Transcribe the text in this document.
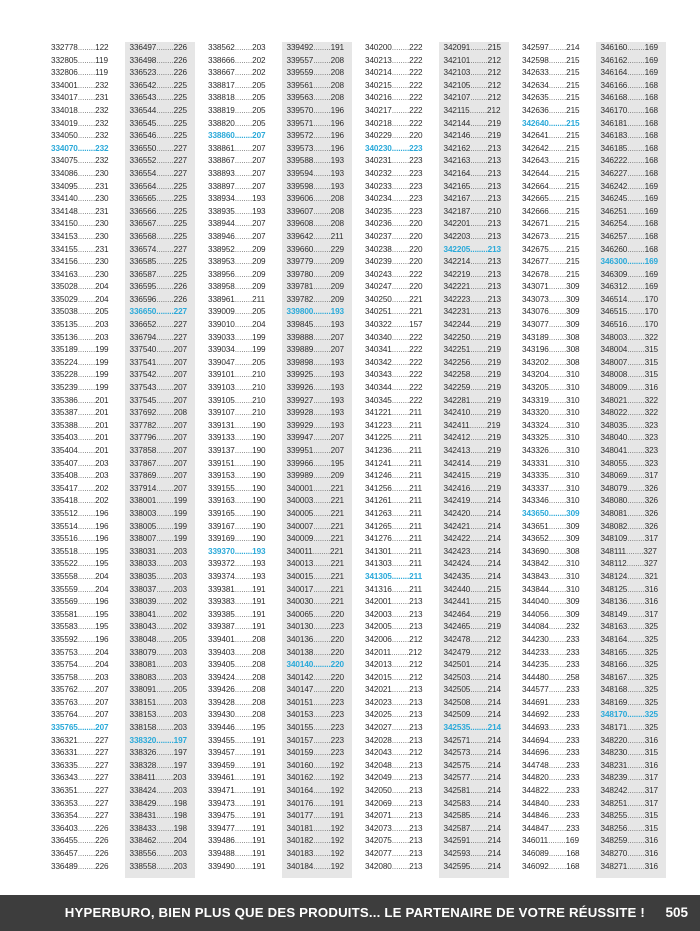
332778........122
332805........119
332806........119
334001........232
334017........231
334018........232
334019........232
334050........232
334070........232
334075........232
334086........230
334095........231
334140........230
334148........231
334150........230
334153........230
334155........231
334156........230
334163........230
335028........204
335029........204
335038........205
335135........203
335136........203
335189........199
335224........199
335228........199
335239........199
335386........201
335387........201
335388........201
335403........201
335404........201
335407........203
335408........203
335417........202
335418........202
335512........196
335514........196
335516........196
335518........195
335522........195
335558........204
335559........204
335569........196
335581........195
335583........195
335592........196
335753........204
335754........204
335758........203
335762........207
335763........207
335764........207
335765........207
336321........227
336331........227
336335........227
336343........227
336351........227
336353........227
336354........227
336403........226
336455........226
336457........226
336489........226
336497........226
336498........226
336523........226
336542........225
336543........225
336544........225
336545........225
336546........225
336550........227
336552........227
336554........227
336564........225
336565........225
336566........225
336567........225
336568........225
336574........227
336585........225
336587........225
336595........226
336596........226
336650........227
336652........227
336794........227
337540........207
337541........207
337542........207
337543........207
337545........207
337692........208
337782........207
337796........207
337858........207
337867........207
337869........207
337914........207
338001........199
338003........199
338005........199
338007........199
338031........203
338033........203
338035........203
338037........203
338039........202
338041........202
338043........202
338048........205
338079........203
338081........203
338083........203
338091........205
338151........203
338153........203
338158........203
338320........197
338326........197
338328........197
338411........203
338424........203
338429........198
338431........198
338433........198
338462........204
338556........203
338558........203
338562........203
338666........202
338667........202
338817........205
338818........205
338819........205
338820........205
338860........207
338861........207
338867........207
338893........207
338897........207
338934........193
338935........193
338944........207
338946........207
338952........209
338953........209
338956........209
338958........209
338961........211
339009........205
339010........204
339033........199
339034........199
339047........205
339101........210
339103........210
339105........210
339107........210
339131........190
339133........190
339137........190
339151........190
339153........190
339155........190
339163........190
339165........190
339167........190
339169........190
339370........193
339372........193
339374........193
339381........191
339383........191
339385........191
339387........191
339401........208
339403........208
339405........208
339424........208
339426........208
339428........208
339430........208
339446........195
339455........191
339457........191
339459........191
339461........191
339471........191
339473........191
339475........191
339477........191
339486........191
339488........191
339490........191
339492........191
339557........208
339559........208
339561........208
339563........208
339570........196
339571........196
339572........196
339573........196
339588........193
339594........193
339598........193
339606........208
339607........208
339608........208
339642........211
339660........229
339779........209
339780........209
339781........209
339782........209
339800........193
339845........193
339888........207
339889........207
339898........193
339925........193
339926........193
339927........193
339928........193
339929........193
339947........207
339951........207
339966........195
339989........209
340001........221
340003........221
340005........221
340007........221
340009........221
340011........221
340013........221
340015........221
340017........221
340030........221
340065........220
340130........223
340136........220
340138........220
340140........220
340142........220
340147........220
340151........223
340153........223
340155........223
340157........223
340159........223
340160........192
340162........192
340164........192
340176........191
340177........191
340181........192
340182........192
340183........192
340184........192
340200........222
340213........222
340214........222
340215........222
340216........222
340217........222
340218........222
340229........220
340230........223
340231........223
340232........223
340233........223
340234........223
340235........223
340236........220
340237........220
340238........220
340239........220
340243........222
340247........220
340250........221
340251........221
340322........157
340340........222
340341........222
340342........222
340343........222
340344........222
340345........222
341221........211
341223........211
341225........211
341236........211
341241........211
341246........211
341256........211
341261........211
341263........211
341265........211
341276........211
341301........211
341303........211
341305........211
341316........211
342001........213
342003........213
342005........213
342006........212
342011........212
342013........212
342015........212
342021........213
342023........213
342025........213
342027........213
342028........213
342043........212
342048........213
342049........213
342050........213
342069........213
342071........213
342073........213
342075........213
342077........213
342080........213
342091........215
342101........212
342103........212
342105........212
342107........212
342115........212
342144........219
342146........219
342162........213
342163........213
342164........213
342165........213
342167........213
342187........210
342201........213
342203........213
342205........213
342214........213
342219........213
342221........213
342223........213
342231........213
342244........219
342250........219
342251........219
342256........219
342258........219
342259........219
342281........219
342410........219
342411........219
342412........219
342413........219
342414........219
342415........219
342416........219
342419........214
342420........214
342421........214
342422........214
342423........214
342424........214
342435........214
342440........215
342441........215
342464........219
342465........219
342478........212
342479........212
342501........214
342503........214
342505........214
342508........214
342509........214
342535........214
342571........214
342573........214
342575........214
342577........214
342581........214
342583........214
342585........214
342587........214
342591........214
342593........214
342595........214
342597........214
342598........215
342633........215
342634........215
342635........215
342636........215
342640........215
342641........215
342642........215
342643........215
342644........215
342664........215
342665........215
342666........215
342671........215
342673........215
342675........215
342677........215
342678........215
343071........309
343073........309
343076........309
343077........309
343189........308
343196........308
343202........308
343204........310
343205........310
343319........310
343320........310
343324........310
343325........310
343326........310
343331........310
343335........310
343337........310
343346........310
343650........309
343651........309
343652........309
343690........308
343842........310
343843........310
343844........310
344040........309
344056........309
344084........232
344230........233
344233........233
344235........233
344480........258
344577........233
344691........233
344692........233
344693........233
344694........233
344696........233
344748........233
344820........233
344822........233
344840........233
344846........233
344847........233
346011........169
346089........168
346092........168
346160........169
346162........169
346164........169
346166........168
346168........168
346170........168
346181........168
346183........168
346185........168
346222........168
346227........168
346242........169
346245........169
346251........169
346254........168
346257........168
346260........168
346300........169
346309........169
346312........169
346514........170
346515........170
346516........170
348003........322
348004........315
348007........315
348008........315
348009........316
348021........322
348022........322
348035........323
348040........323
348041........323
348055........323
348069........317
348079........326
348080........326
348081........326
348082........326
348109........317
348111........327
348112........327
348124........321
348125........316
348136........316
348149........317
348163........325
348164........325
348165........325
348166........325
348167........325
348168........325
348169........325
348170........325
348171........325
348220........316
348230........315
348231........316
348239........317
348242........317
348251........317
348255........315
348256........315
348259........316
348270........316
348271........316
HYPERBURO, BIEN PLUS QUE DES PRODUITS... LE PARTENAIRE DE VOTRE RÉUSSITE ! 505
